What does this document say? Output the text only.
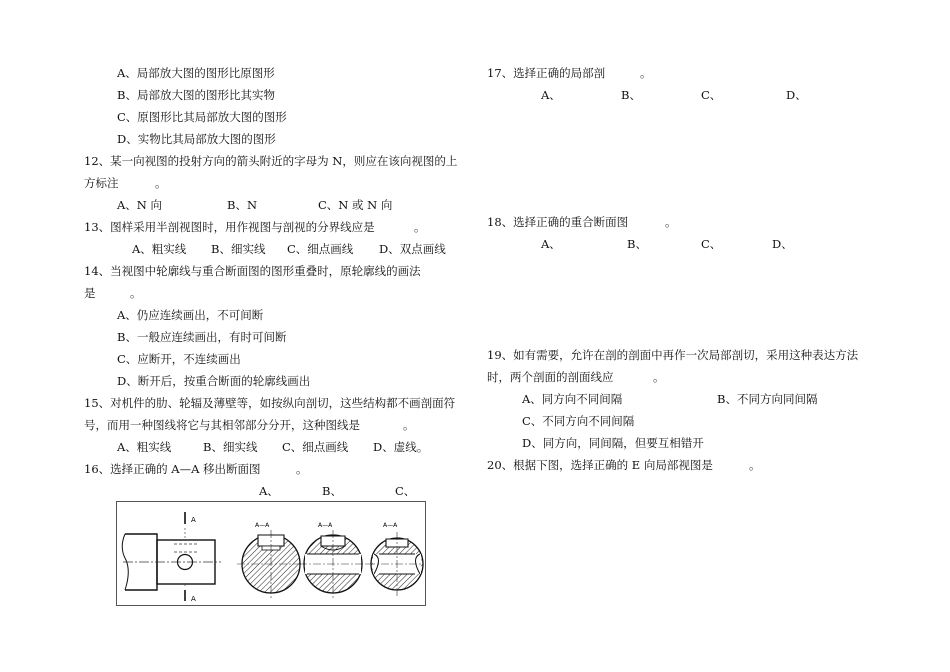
A、局部放大图的图形比原图形
B、局部放大图的图形比其实物
C、原图形比其局部放大图的图形
D、实物比其局部放大图的图形
12、某一向视图的投射方向的箭头附近的字母为 N，则应在该向视图的上
方标注	。
A、N 向	B、N	C、N 或 N 向
13、图样采用半剖视图时，用作视图与剖视的分界线应是	。
A、粗实线 B、细实线 C、细点画线 D、双点画线
14、当视图中轮廓线与重合断面图的图形重叠时，原轮廓线的画法
是	。
A、仍应连续画出，不可间断
B、一般应连续画出，有时可间断
C、应断开，不连续画出
D、断开后，按重合断面的轮廓线画出
15、对机件的肋、轮辐及薄壁等，如按纵向剖切，这些结构都不画剖面符
号，而用一种图线将它与其相邻部分分开，这种图线是	。
A、粗实线	B、细实线 C、细点画线 D、虚线。
16、选择正确的 A—A 移出断面图	。
A、	B、	C、
A
A
A—A	A—A	A—A
17、选择正确的局部剖	。
A、	B、	C、	D、
18、选择正确的重合断面图	。
A、	B、	C、	D、
19、如有需要，允许在剖的剖面中再作一次局部剖切，采用这种表达方法
时，两个剖面的剖面线应	。
A、同方向不同间隔	B、不同方向同间隔
C、不同方向不同间隔
D、同方向，同间隔，但要互相错开
20、根据下图，选择正确的 E 向局部视图是	。
